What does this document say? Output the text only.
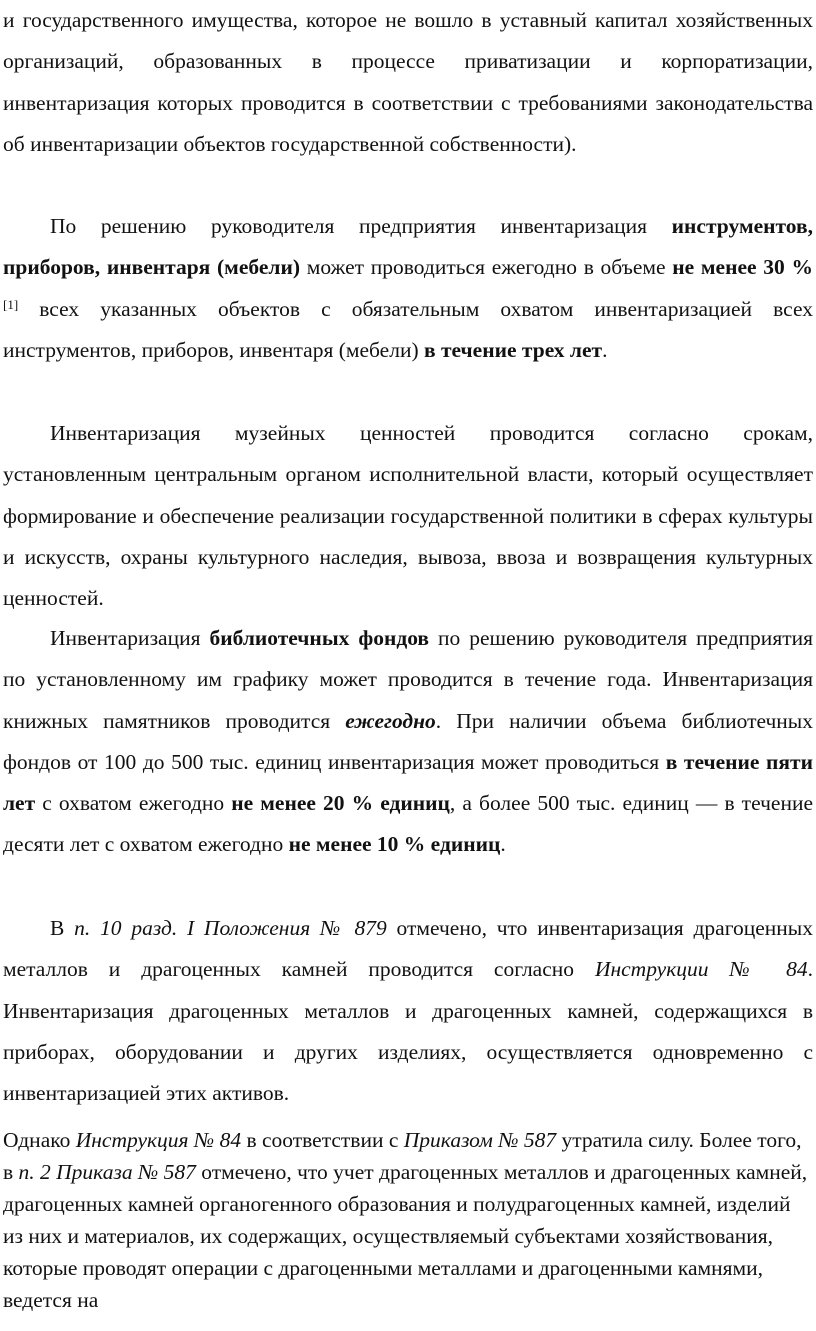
и государственного имущества, которое не вошло в уставный капитал хозяйственных организаций, образованных в процессе приватизации и корпоратизации, инвентаризация которых проводится в соответствии с требованиями законодательства об инвентаризации объектов государственной собственности).

По решению руководителя предприятия инвентаризация инструментов, приборов, инвентаря (мебели) может проводиться ежегодно в объеме не менее 30 % [1] всех указанных объектов с обязательным охватом инвентаризацией всех инструментов, приборов, инвентаря (мебели) в течение трех лет.

Инвентаризация музейных ценностей проводится согласно срокам, установленным центральным органом исполнительной власти, который осуществляет формирование и обеспечение реализации государственной политики в сферах культуры и искусств, охраны культурного наследия, вывоза, ввоза и возвращения культурных ценностей.

Инвентаризация библиотечных фондов по решению руководителя предприятия по установленному им графику может проводится в течение года. Инвентаризация книжных памятников проводится ежегодно. При наличии объема библиотечных фондов от 100 до 500 тыс. единиц инвентаризация может проводиться в течение пяти лет с охватом ежегодно не менее 20 % единиц, а более 500 тыс. единиц — в течение десяти лет с охватом ежегодно не менее 10 % единиц.

В п. 10 разд. I Положения № 879 отмечено, что инвентаризация драгоценных металлов и драгоценных камней проводится согласно Инструкции № 84. Инвентаризация драгоценных металлов и драгоценных камней, содержащихся в приборах, оборудовании и других изделиях, осуществляется одновременно с инвентаризацией этих активов.

Однако Инструкция № 84 в соответствии с Приказом № 587 утратила силу. Более того, в п. 2 Приказа № 587 отмечено, что учет драгоценных металлов и драгоценных камней, драгоценных камней органогенного образования и полудрагоценных камней, изделий из них и материалов, их содержащих, осуществляемый субъектами хозяйствования, которые проводят операции с драгоценными металлами и драгоценными камнями, ведется на
